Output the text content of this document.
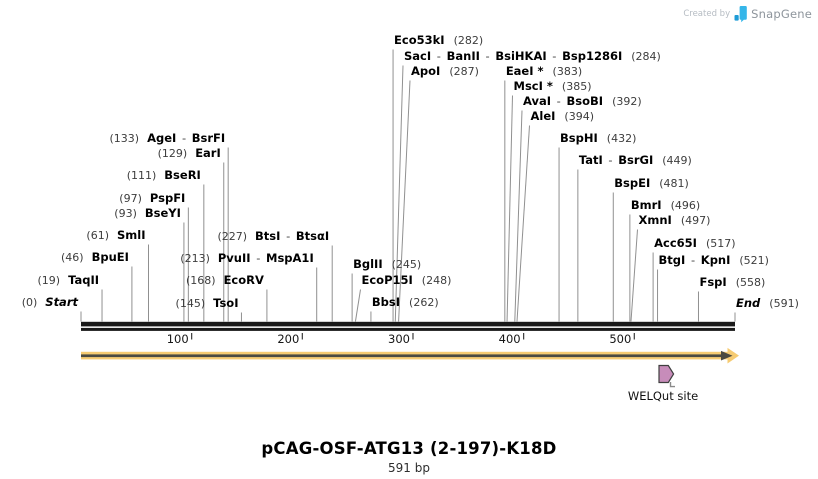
Created by SnapGene
(0) Start
(19) TaqII
(46) BpuEI
(61) SmlI
(93) BseYI
(97) PspFI
(111) BseRI
(129) EarI
(133) AgeI - BsrFI
(145) TsoI
(168) EcoRV
(213) PvuII - MspA1I
(227) BtsI - BtsαI
BglII (245)
EcoP15I (248)
BbsI (262)
Eco53kI (282)
SacI - BanII - BsiHKAI - Bsp1286I (284)
ApoI (287) EaeI * (383)
MscI * (385)
AvaI - BsoBI (392)
AleI (394)
BspHI (432)
TatI - BsrGI (449)
BspEI (481)
BmrI (496)
XmnI (497)
Acc65I (517)
BtgI - KpnI (521)
FspI (558)
End (591)
100	200	300	400	500
WELQut site
pCAG-OSF-ATG13 (2-197)-K18D
591 bp
